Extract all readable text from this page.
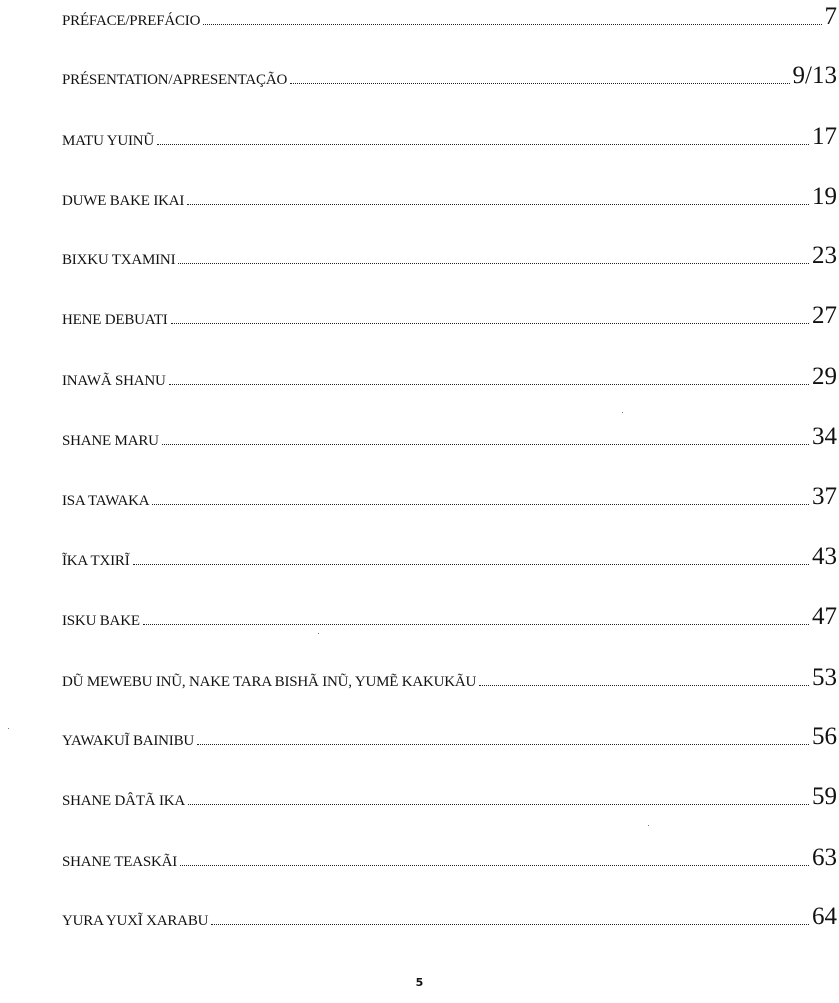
PRÉFACE/PREFÁCIO	7
PRÉSENTATION/APRESENTAÇÃO	9/13
MATU YUINŨ	17
DUWE BAKE IKAI	19
BIXKU TXAMINI	23
HENE DEBUATI	27
INAWÃ SHANU	29
SHANE MARU	34
ISA TAWAKA	37
ĨKA TXIRĨ	43
ISKU BAKE	47
DŨ MEWEBU INŨ, NAKE TARA BISHÃ INŨ, YUMẼ KAKUKÃU	53
YAWAKUĨ BAINIBU	56
SHANE DÂTÃ IKA	59
SHANE TEASKÃI	63
YURA YUXĨ XARABU	64
5
